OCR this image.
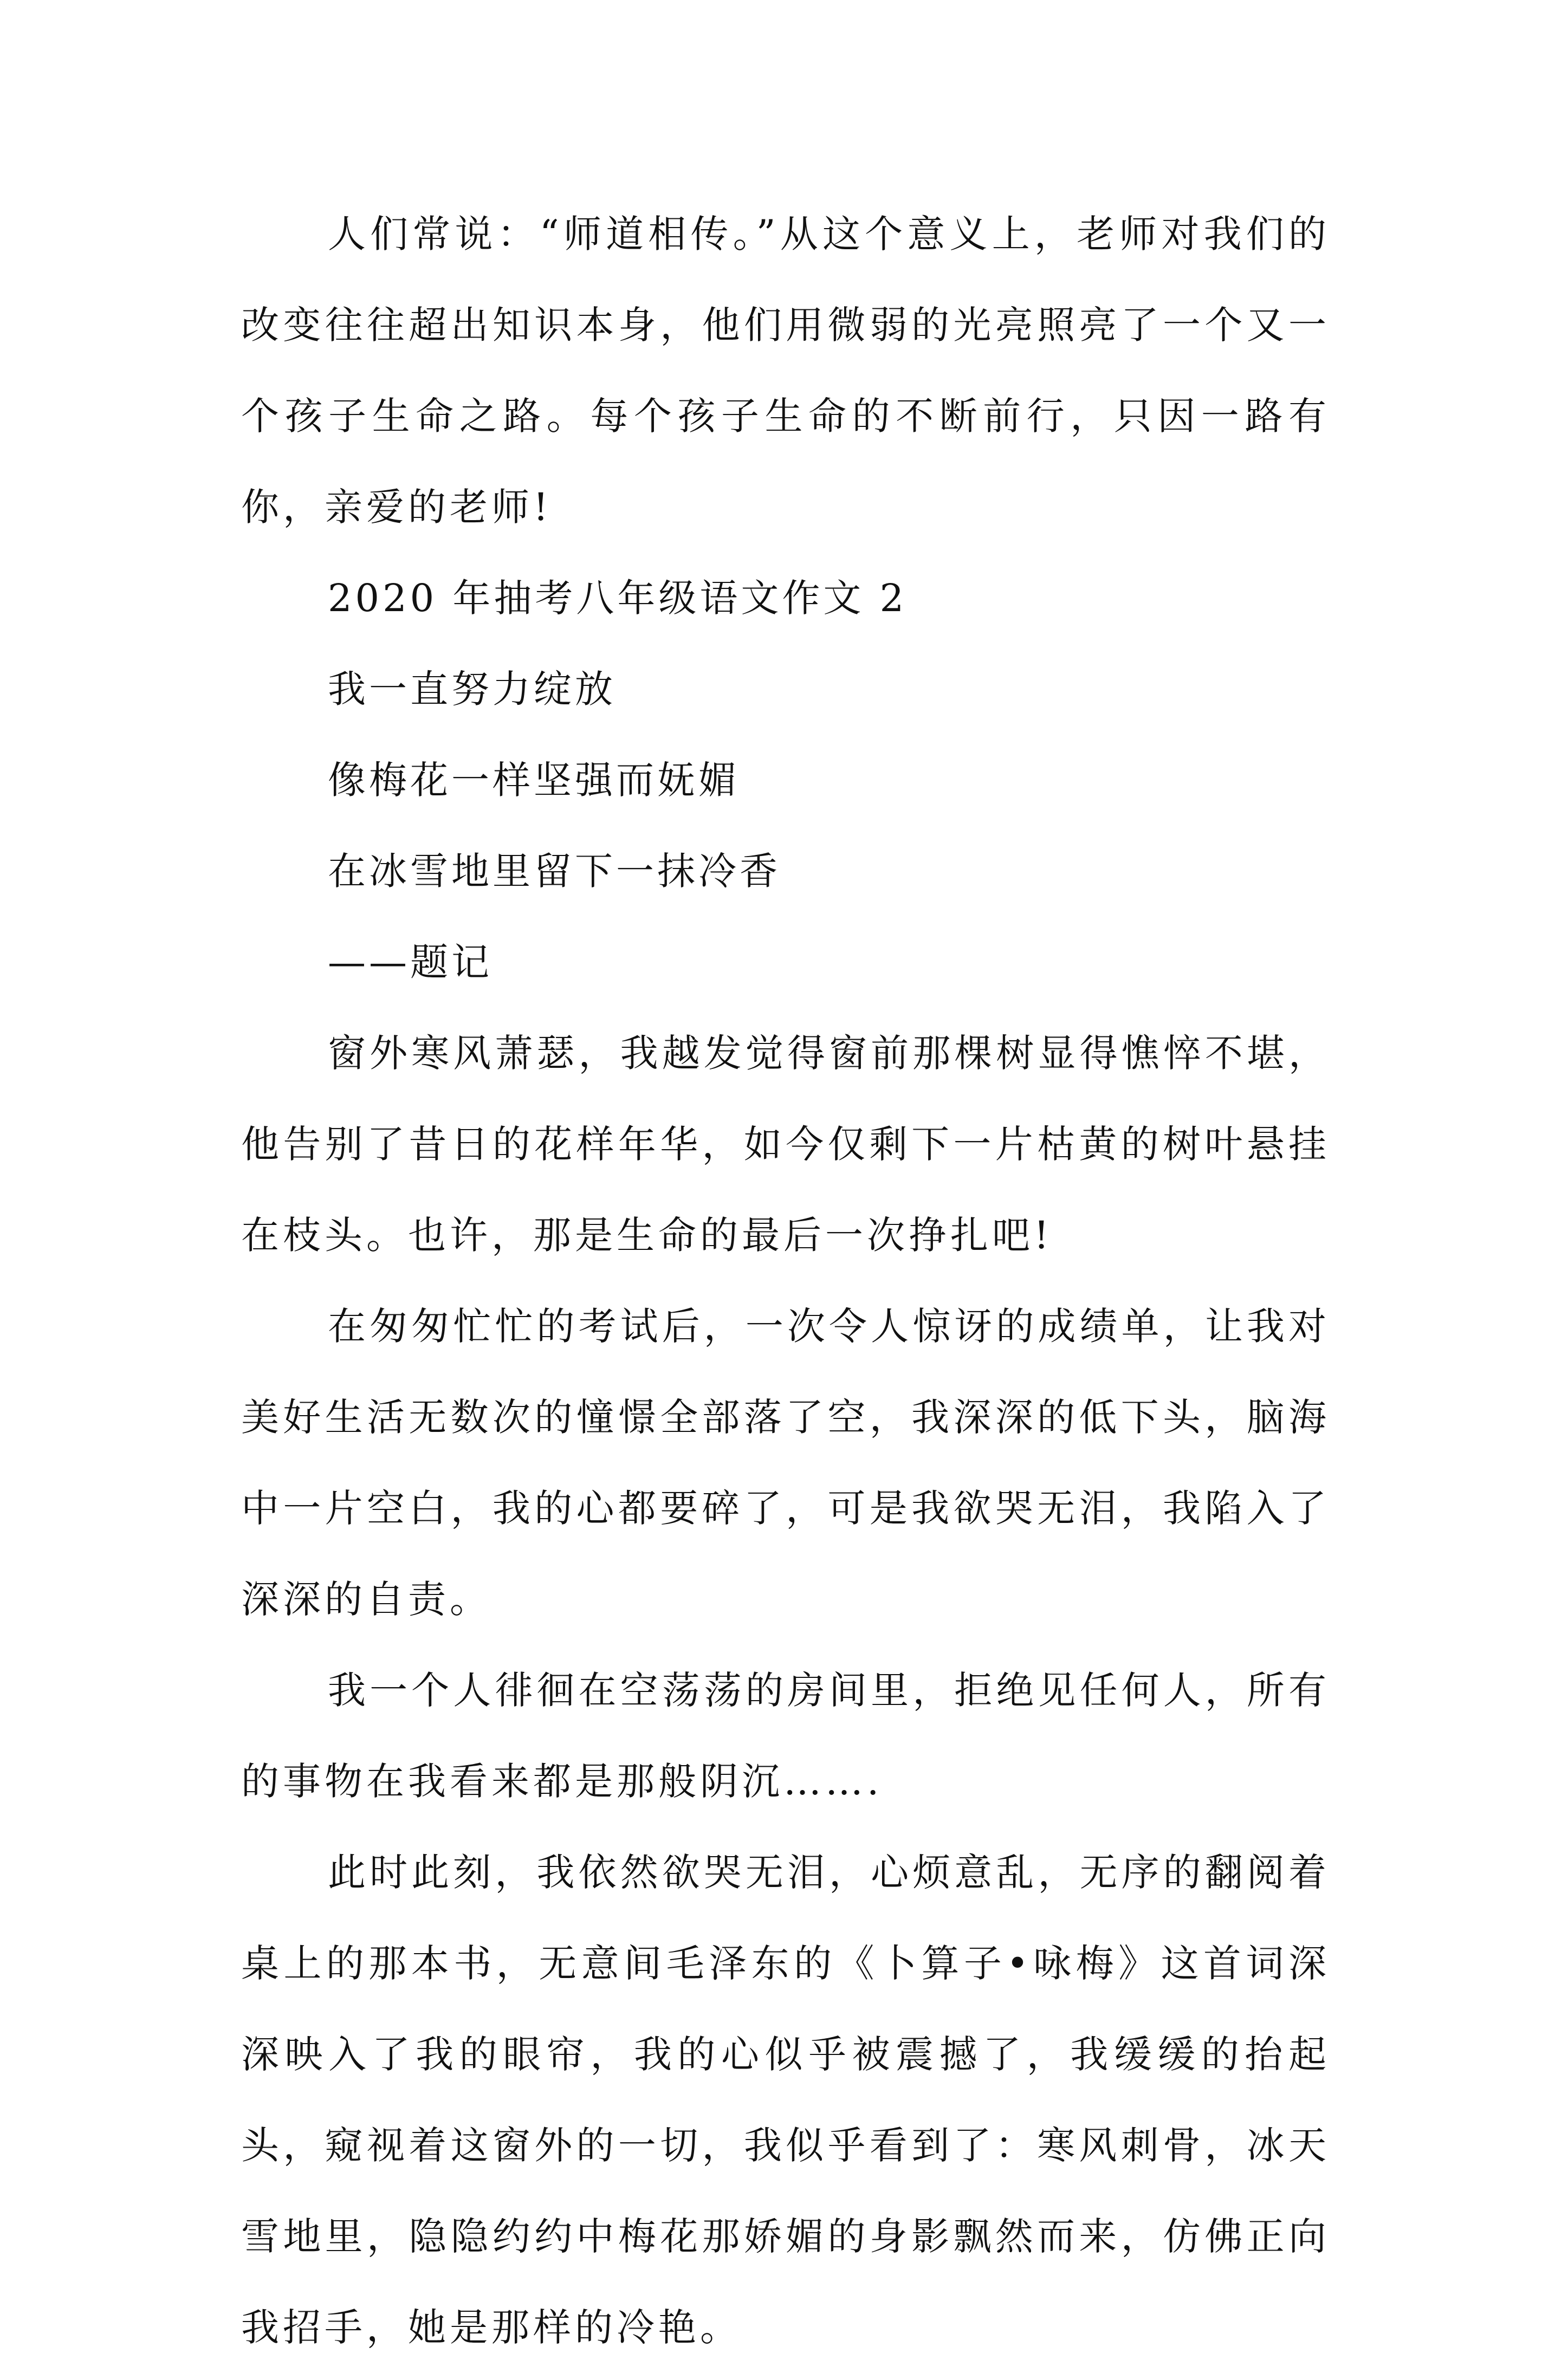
人们常说：“师道相传。”从这个意义上，老师对我们的改变往往超出知识本身，他们用微弱的光亮照亮了一个又一个孩子生命之路。每个孩子生命的不断前行，只因一路有你，亲爱的老师!

2020 年抽考八年级语文作文 2

我一直努力绽放

像梅花一样坚强而妩媚

在冰雪地里留下一抹冷香

——题记

窗外寒风萧瑟，我越发觉得窗前那棵树显得憔悴不堪，他告别了昔日的花样年华，如今仅剩下一片枯黄的树叶悬挂在枝头。也许，那是生命的最后一次挣扎吧!

在匆匆忙忙的考试后，一次令人惊讶的成绩单，让我对美好生活无数次的憧憬全部落了空，我深深的低下头，脑海中一片空白，我的心都要碎了，可是我欲哭无泪，我陷入了深深的自责。

我一个人徘徊在空荡荡的房间里，拒绝见任何人，所有的事物在我看来都是那般阴沉…….

此时此刻，我依然欲哭无泪，心烦意乱，无序的翻阅着桌上的那本书，无意间毛泽东的《卜算子•咏梅》这首词深深映入了我的眼帘，我的心似乎被震撼了，我缓缓的抬起头，窥视着这窗外的一切，我似乎看到了：寒风刺骨，冰天雪地里，隐隐约约中梅花那娇媚的身影飘然而来，仿佛正向我招手，她是那样的冷艳。
